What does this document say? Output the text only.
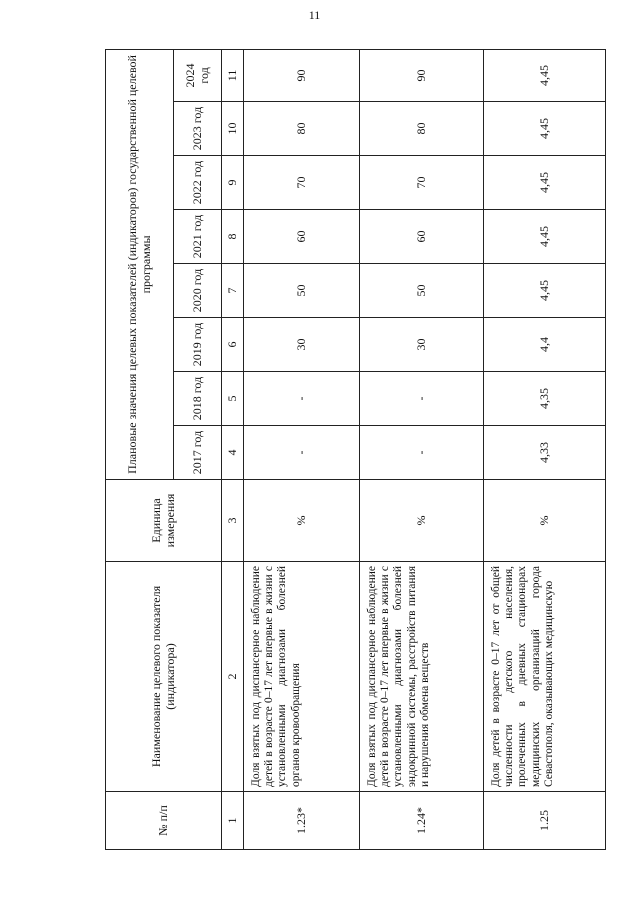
11
№ п/п	Наименование целевого показателя (индикатора)	Единица измерения	Плановые значения целевых показателей (индикаторов) государственной целевой программы							
			2017 год	2018 год	2019 год	2020 год	2021 год	2022 год	2023 год	2024 год
1	2	3	4	5	6	7	8	9	10	11
1.23*	Доля взятых под диспансерное наблюдение детей в возрасте 0–17 лет впервые в жизни с установленными диагнозами болезней органов кровообращения	%	-	-	30	50	60	70	80	90
1.24*	Доля взятых под диспансерное наблюдение детей в возрасте 0–17 лет впервые в жизни с установленными диагнозами болезней эндокринной системы, расстройств питания и нарушения обмена веществ	%	-	-	30	50	60	70	80	90
1.25	Доля детей в возрасте 0–17 лет от общей численности детского населения, пролеченных в дневных стационарах медицинских организаций города Севастополя, оказывающих медицинскую	%	4,33	4,35	4,4	4,45	4,45	4,45	4,45	4,45
